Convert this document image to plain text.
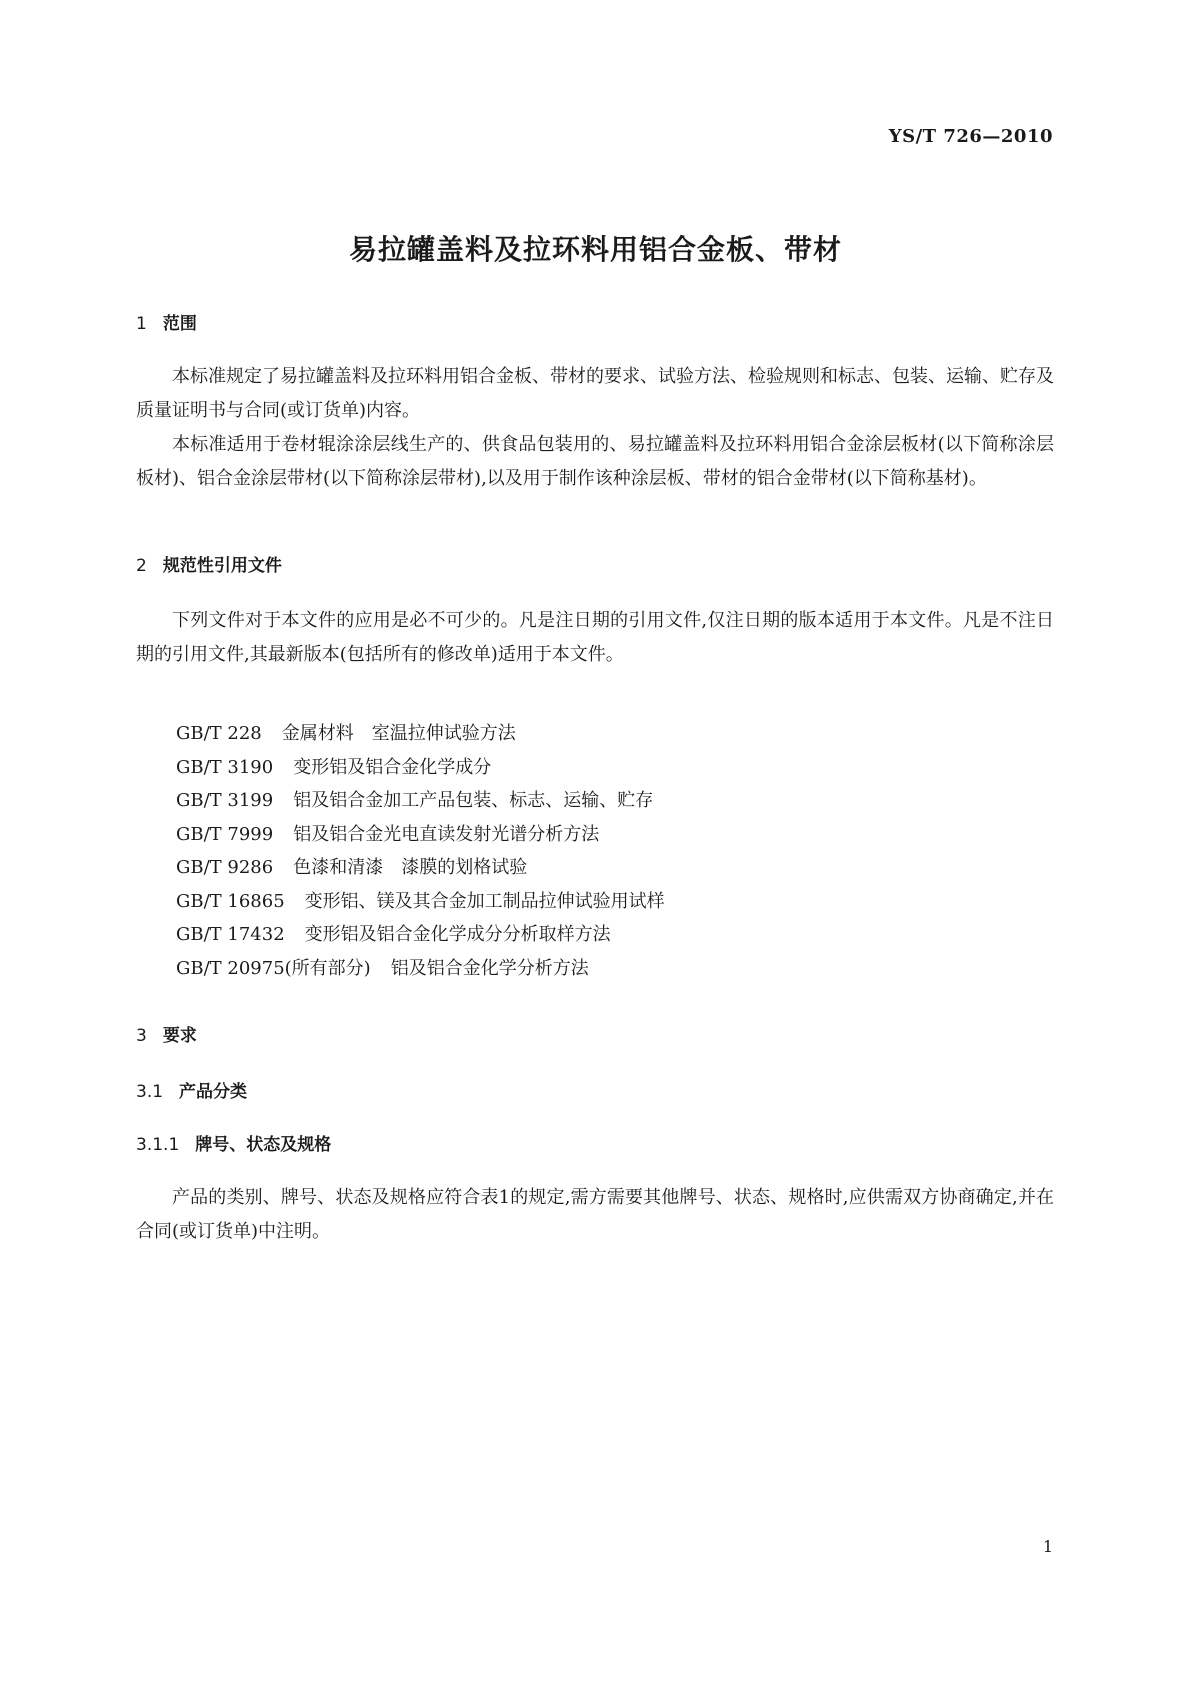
YS/T 726—2010
易拉罐盖料及拉环料用铝合金板、带材
1 范围

本标准规定了易拉罐盖料及拉环料用铝合金板、带材的要求、试验方法、检验规则和标志、包装、运输、贮存及质量证明书与合同(或订货单)内容。

本标准适用于卷材辊涂涂层线生产的、供食品包装用的、易拉罐盖料及拉环料用铝合金涂层板材(以下简称涂层板材)、铝合金涂层带材(以下简称涂层带材),以及用于制作该种涂层板、带材的铝合金带材(以下简称基材)。

2 规范性引用文件

下列文件对于本文件的应用是必不可少的。凡是注日期的引用文件,仅注日期的版本适用于本文件。凡是不注日期的引用文件,其最新版本(包括所有的修改单)适用于本文件。

GB/T 228 金属材料　室温拉伸试验方法
GB/T 3190 变形铝及铝合金化学成分
GB/T 3199 铝及铝合金加工产品包装、标志、运输、贮存
GB/T 7999 铝及铝合金光电直读发射光谱分析方法
GB/T 9286 色漆和清漆　漆膜的划格试验
GB/T 16865 变形铝、镁及其合金加工制品拉伸试验用试样
GB/T 17432 变形铝及铝合金化学成分分析取样方法
GB/T 20975(所有部分) 铝及铝合金化学分析方法
3 要求
3.1 产品分类
3.1.1 牌号、状态及规格

产品的类别、牌号、状态及规格应符合表1的规定,需方需要其他牌号、状态、规格时,应供需双方协商确定,并在合同(或订货单)中注明。

1
